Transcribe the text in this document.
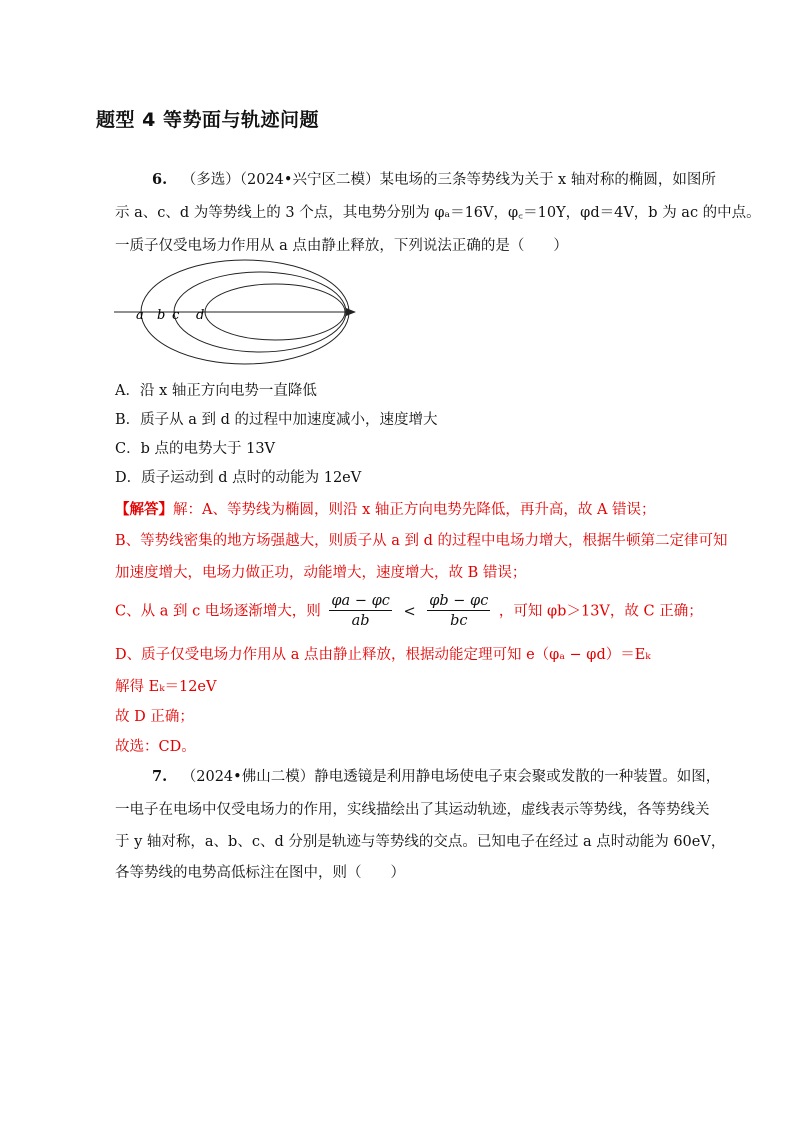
题型 4 等势面与轨迹问题
6. （多选）（2024•兴宁区二模）某电场的三条等势线为关于 x 轴对称的椭圆，如图所
示 a、c、d 为等势线上的 3 个点，其电势分别为 φₐ＝16V，φ꜀＝10Y，φd＝4V，b 为 ac 的中点。
一质子仅受电场力作用从 a 点由静止释放，下列说法正确的是（　　）
a b c d
A．沿 x 轴正方向电势一直降低
B．质子从 a 到 d 的过程中加速度减小，速度增大
C．b 点的电势大于 13V
D．质子运动到 d 点时的动能为 12eV
【解答】解：A、等势线为椭圆，则沿 x 轴正方向电势先降低，再升高，故 A 错误；
B、等势线密集的地方场强越大，则质子从 a 到 d 的过程中电场力增大，根据牛顿第二定律可知
加速度增大，电场力做正功，动能增大，速度增大，故 B 错误；
C、从 a 到 c 电场逐渐增大，则 $\frac{\varphi a - \varphi c}{ab} < \frac{\varphi b - \varphi c}{bc}$ ，可知 φb＞13V，故 C 正确；
D、质子仅受电场力作用从 a 点由静止释放，根据动能定理可知 e（φₐ − φd）＝Eₖ
解得 Eₖ＝12eV
故 D 正确；
故选：CD。
7. （2024•佛山二模）静电透镜是利用静电场使电子束会聚或发散的一种装置。如图，
一电子在电场中仅受电场力的作用，实线描绘出了其运动轨迹，虚线表示等势线，各等势线关
于 y 轴对称，a、b、c、d 分别是轨迹与等势线的交点。已知电子在经过 a 点时动能为 60eV，
各等势线的电势高低标注在图中，则（　　）
